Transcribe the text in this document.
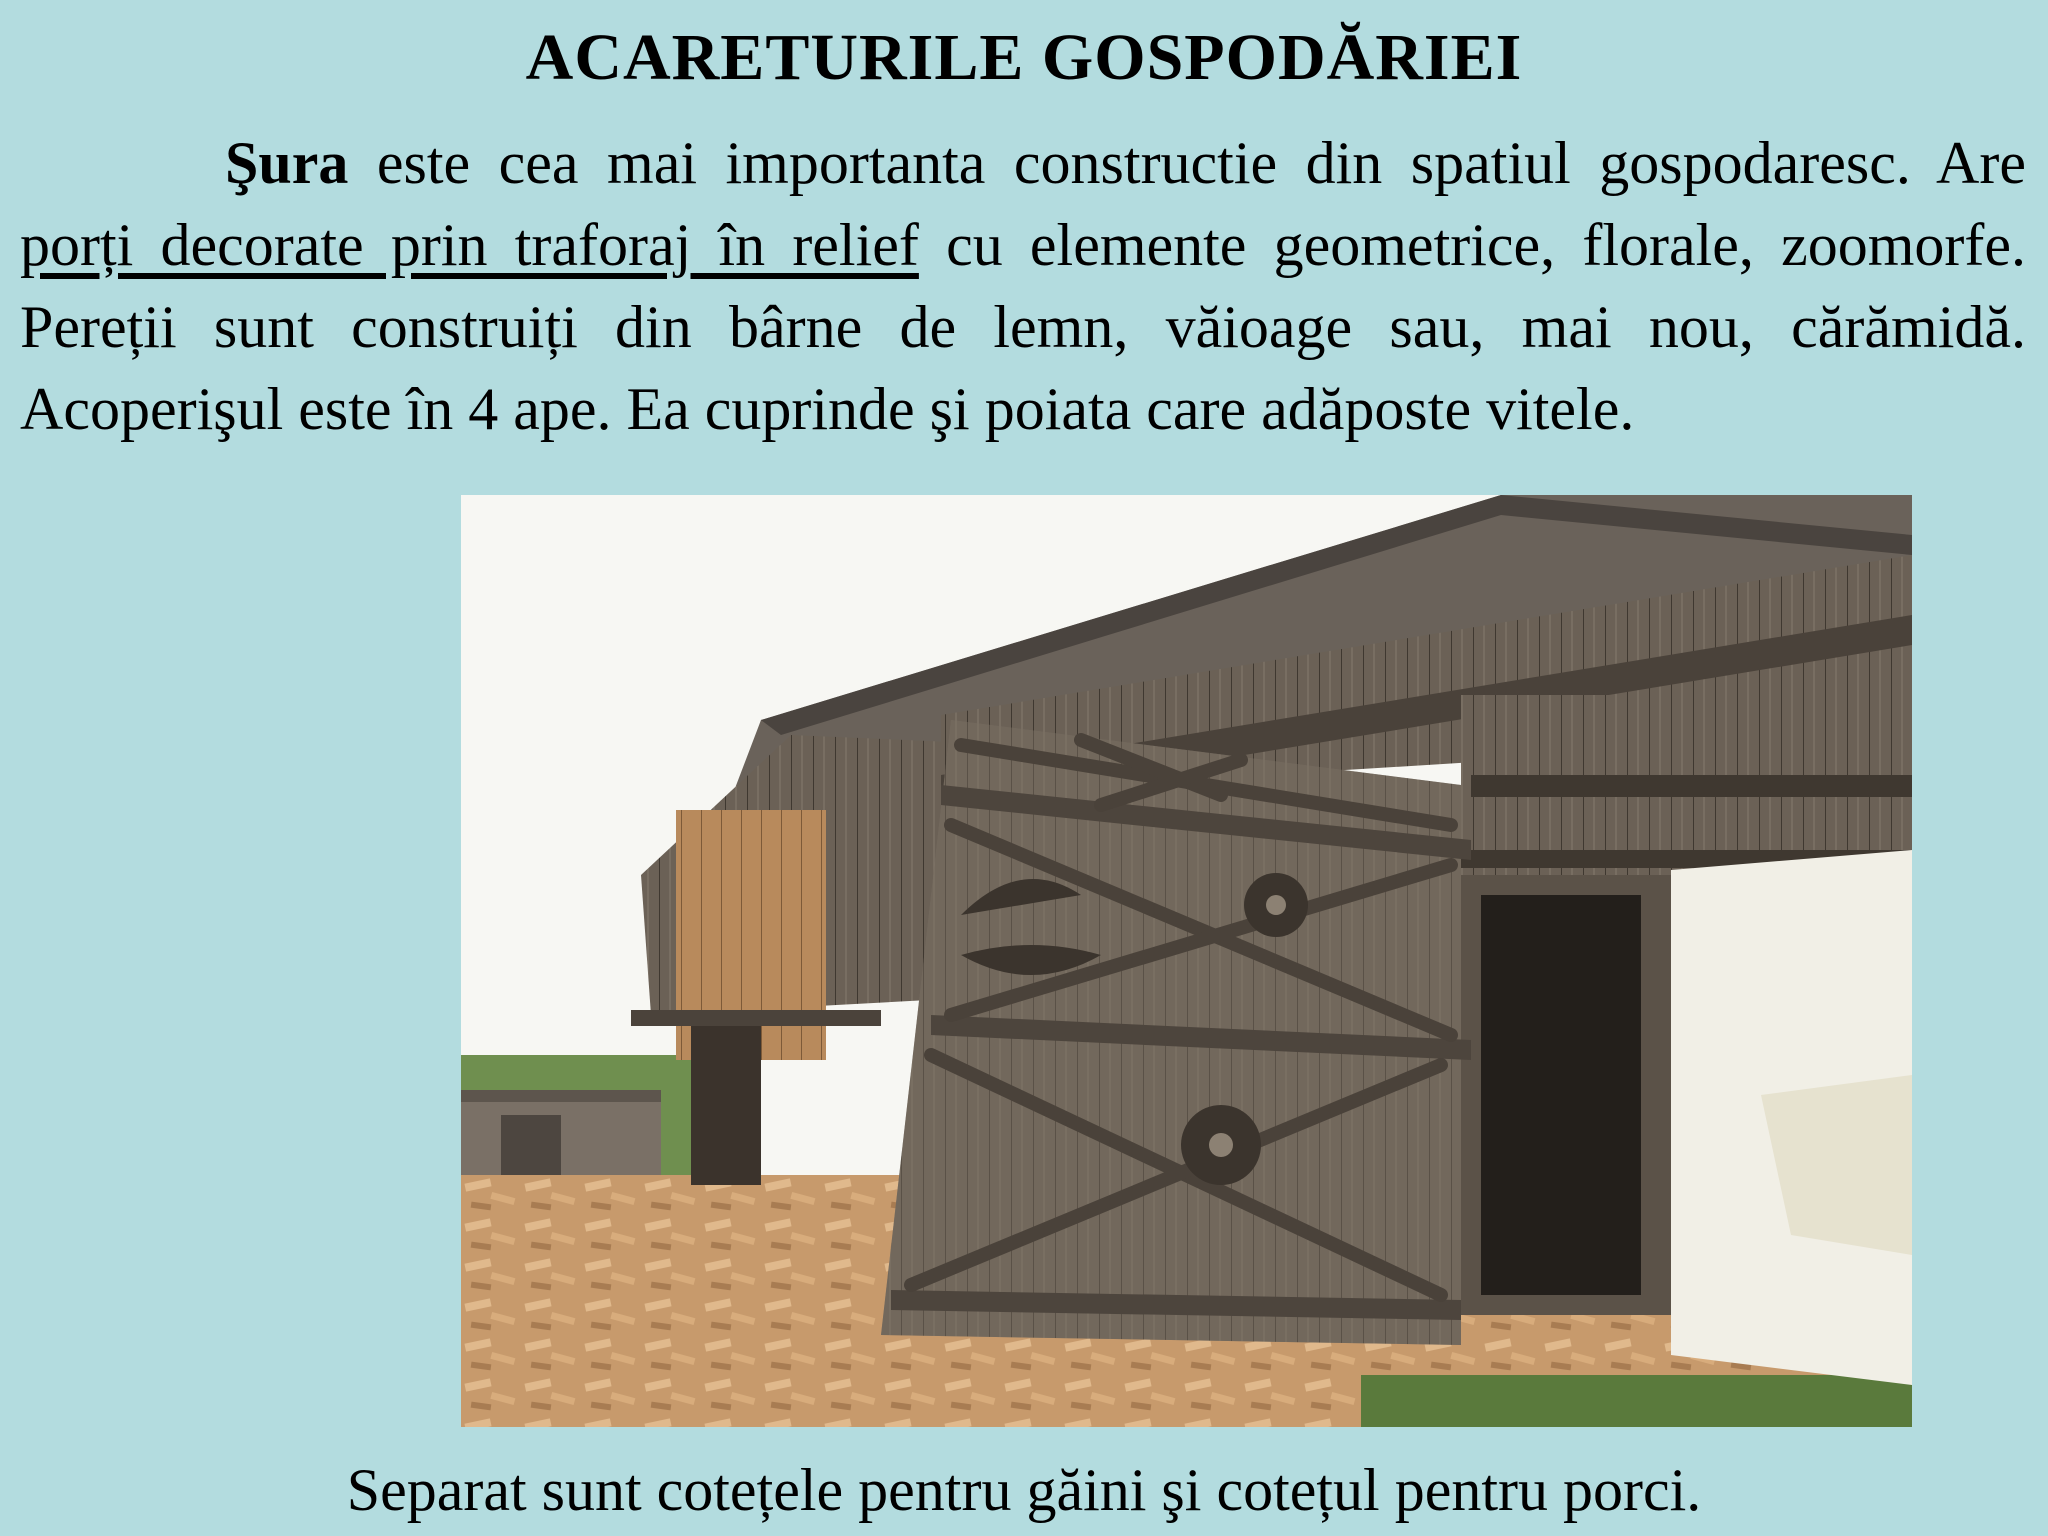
ACARETURILE GOSPODĂRIEI
Şura este cea mai importanta constructie din spatiul gospodaresc. Are porți decorate prin traforaj în relief cu elemente geometrice, florale, zoomorfe. Pereții sunt construiți din bârne de lemn, văioage sau, mai nou, cărămidă. Acoperişul este în 4 ape. Ea cuprinde şi poiata care adăposte vitele.
Separat sunt cotețele pentru găini şi cotețul pentru porci.
